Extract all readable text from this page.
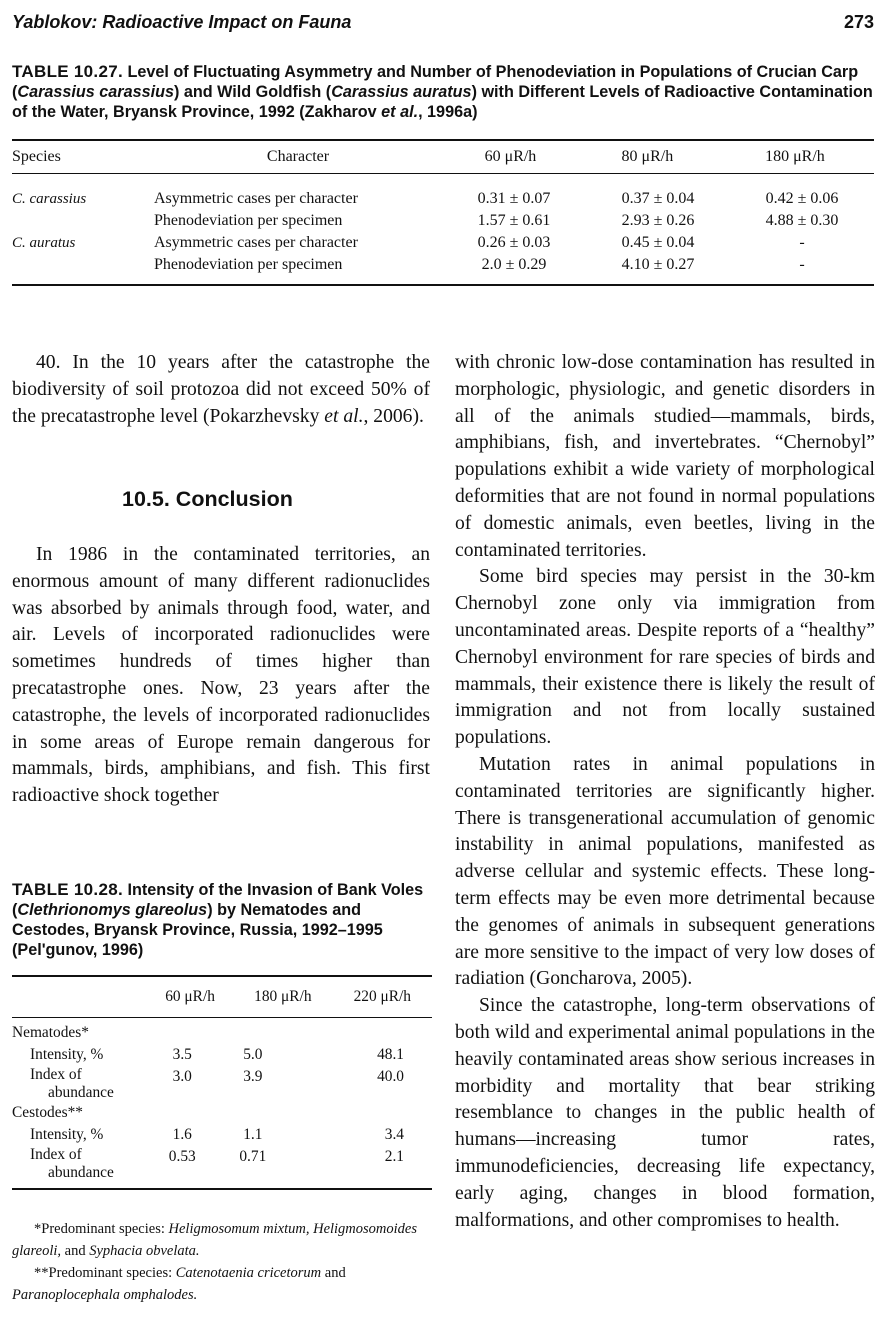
Yablokov: Radioactive Impact on Fauna	273
TABLE 10.27. Level of Fluctuating Asymmetry and Number of Phenodeviation in Populations of Crucian Carp (Carassius carassius) and Wild Goldfish (Carassius auratus) with Different Levels of Radioactive Contamination of the Water, Bryansk Province, 1992 (Zakharov et al., 1996a)
Species	Character	60 μR/h	80 μR/h	180 μR/h
C. carassius	Asymmetric cases per character	0.31 ± 0.07	0.37 ± 0.04	0.42 ± 0.06
	Phenodeviation per specimen	1.57 ± 0.61	2.93 ± 0.26	4.88 ± 0.30
C. auratus	Asymmetric cases per character	0.26 ± 0.03	0.45 ± 0.04	-
	Phenodeviation per specimen	2.0 ± 0.29	4.10 ± 0.27	-

40. In the 10 years after the catastrophe the biodiversity of soil protozoa did not exceed 50% of the precatastrophe level (Pokarzhevsky et al., 2006).

10.5. Conclusion

In 1986 in the contaminated territories, an enormous amount of many different radionuclides was absorbed by animals through food, water, and air. Levels of incorporated radionuclides were sometimes hundreds of times higher than precatastrophe ones. Now, 23 years after the catastrophe, the levels of incorporated radionuclides in some areas of Europe remain dangerous for mammals, birds, amphibians, and fish. This first radioactive shock together

TABLE 10.28. Intensity of the Invasion of Bank Voles (Clethrionomys glareolus) by Nematodes and Cestodes, Bryansk Province, Russia, 1992–1995 (Pel'gunov, 1996)
	60 μR/h	180 μR/h	220 μR/h
Nematodes*			
Intensity, %	3.5	5.0	48.1
Index of
abundance	3.0	3.9	40.0
Cestodes**			
Intensity, %	1.6	1.1	3.4
Index of
abundance	0.53	0.71	2.1
*Predominant species: Heligmosomum mixtum, Heligmosomoides glareoli, and Syphacia obvelata.
**Predominant species: Catenotaenia cricetorum and Paranoplocephala omphalodes.

with chronic low-dose contamination has resulted in morphologic, physiologic, and genetic disorders in all of the animals studied—mammals, birds, amphibians, fish, and invertebrates. “Chernobyl” populations exhibit a wide variety of morphological deformities that are not found in normal populations of domestic animals, even beetles, living in the contaminated territories.

Some bird species may persist in the 30-km Chernobyl zone only via immigration from uncontaminated areas. Despite reports of a “healthy” Chernobyl environment for rare species of birds and mammals, their existence there is likely the result of immigration and not from locally sustained populations.

Mutation rates in animal populations in contaminated territories are significantly higher. There is transgenerational accumulation of genomic instability in animal populations, manifested as adverse cellular and systemic effects. These long-term effects may be even more detrimental because the genomes of animals in subsequent generations are more sensitive to the impact of very low doses of radiation (Goncharova, 2005).

Since the catastrophe, long-term observations of both wild and experimental animal populations in the heavily contaminated areas show serious increases in morbidity and mortality that bear striking resemblance to changes in the public health of humans—increasing tumor rates, immunodeficiencies, decreasing life expectancy, early aging, changes in blood formation, malformations, and other compromises to health.
